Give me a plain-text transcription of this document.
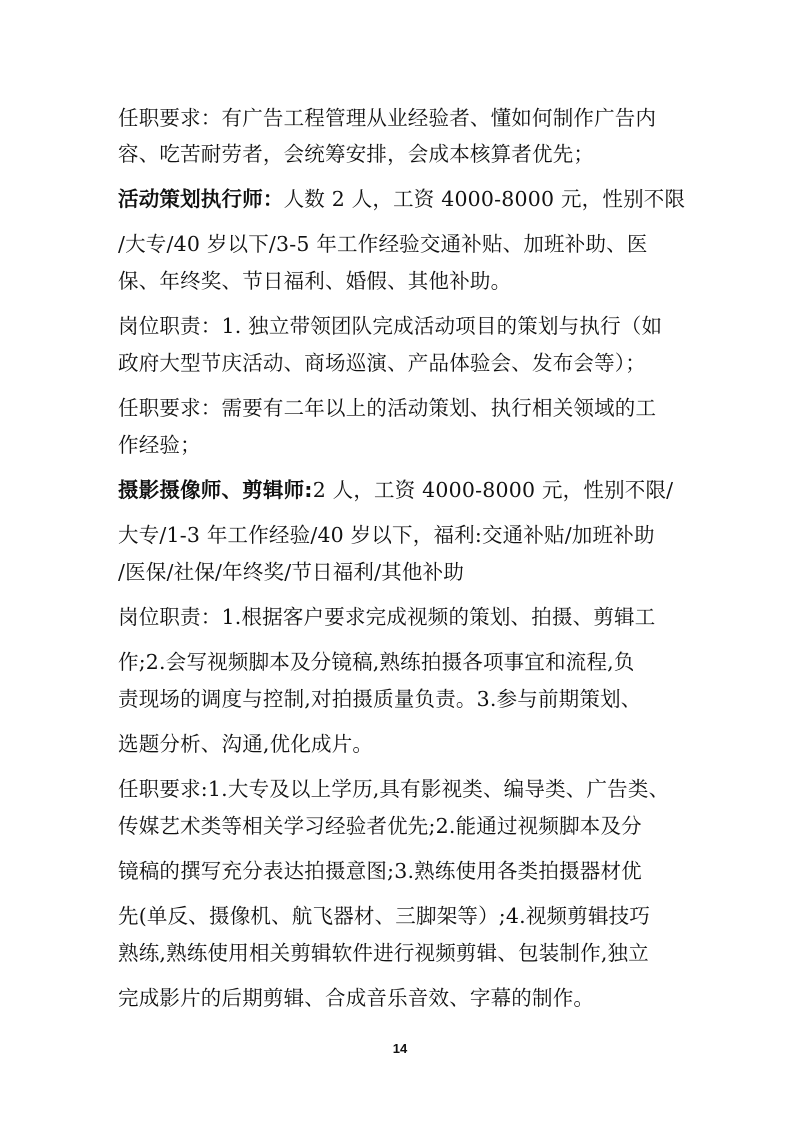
任职要求：有广告工程管理从业经验者、懂如何制作广告内
容、吃苦耐劳者，会统筹安排，会成本核算者优先；
活动策划执行师：人数 2 人，工资 4000-8000 元，性别不限
/大专/40 岁以下/3-5 年工作经验交通补贴、加班补助、医
保、年终奖、节日福利、婚假、其他补助。
岗位职责：1. 独立带领团队完成活动项目的策划与执行（如
政府大型节庆活动、商场巡演、产品体验会、发布会等）；
任职要求：需要有二年以上的活动策划、执行相关领域的工
作经验；
摄影摄像师、剪辑师:2 人，工资 4000-8000 元，性别不限/
大专/1-3 年工作经验/40 岁以下，福利:交通补贴/加班补助
/医保/社保/年终奖/节日福利/其他补助
岗位职责：1.根据客户要求完成视频的策划、拍摄、剪辑工
作;2.会写视频脚本及分镜稿,熟练拍摄各项事宜和流程,负
责现场的调度与控制,对拍摄质量负责。3.参与前期策划、
选题分析、沟通,优化成片。
任职要求:1.大专及以上学历,具有影视类、编导类、广告类、
传媒艺术类等相关学习经验者优先;2.能通过视频脚本及分
镜稿的撰写充分表达拍摄意图;3.熟练使用各类拍摄器材优
先(单反、摄像机、航飞器材、三脚架等）;4.视频剪辑技巧
熟练,熟练使用相关剪辑软件进行视频剪辑、包装制作,独立
完成影片的后期剪辑、合成音乐音效、字幕的制作。
14
